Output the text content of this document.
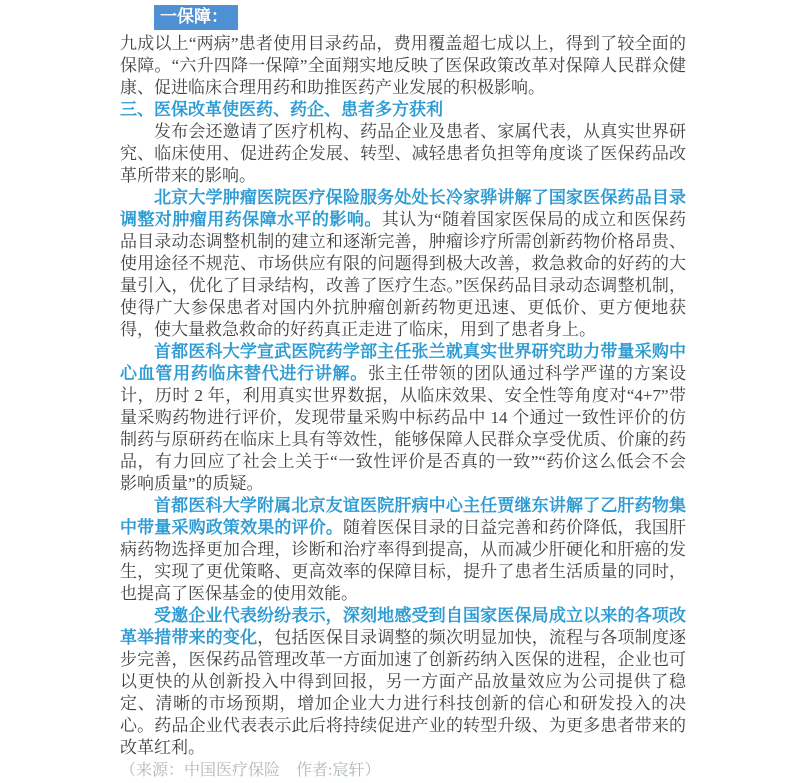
一保障：

九成以上“两病”患者使用目录药品，费用覆盖超七成以上，得到了较全面的保障。“六升四降一保障”全面翔实地反映了医保政策改革对保障人民群众健康、促进临床合理用药和助推医药产业发展的积极影响。

三、医保改革使医药、药企、患者多方获利

发布会还邀请了医疗机构、药品企业及患者、家属代表，从真实世界研究、临床使用、促进药企发展、转型、减轻患者负担等角度谈了医保药品改革所带来的影响。

北京大学肿瘤医院医疗保险服务处处长冷家骅讲解了国家医保药品目录调整对肿瘤用药保障水平的影响。其认为“随着国家医保局的成立和医保药品目录动态调整机制的建立和逐渐完善，肿瘤诊疗所需创新药物价格昂贵、使用途径不规范、市场供应有限的问题得到极大改善，救急救命的好药的大量引入，优化了目录结构，改善了医疗生态。”医保药品目录动态调整机制，使得广大参保患者对国内外抗肿瘤创新药物更迅速、更低价、更方便地获得，使大量救急救命的好药真正走进了临床，用到了患者身上。

首都医科大学宣武医院药学部主任张兰就真实世界研究助力带量采购中心血管用药临床替代进行讲解。张主任带领的团队通过科学严谨的方案设计，历时 2 年，利用真实世界数据，从临床效果、安全性等角度对“4+7”带量采购药物进行评价，发现带量采购中标药品中 14 个通过一致性评价的仿制药与原研药在临床上具有等效性，能够保障人民群众享受优质、价廉的药品，有力回应了社会上关于“一致性评价是否真的一致”“药价这么低会不会影响质量”的质疑。

首都医科大学附属北京友谊医院肝病中心主任贾继东讲解了乙肝药物集中带量采购政策效果的评价。随着医保目录的日益完善和药价降低，我国肝病药物选择更加合理，诊断和治疗率得到提高，从而减少肝硬化和肝癌的发生，实现了更优策略、更高效率的保障目标，提升了患者生活质量的同时，也提高了医保基金的使用效能。

受邀企业代表纷纷表示，深刻地感受到自国家医保局成立以来的各项改革举措带来的变化，包括医保目录调整的频次明显加快，流程与各项制度逐步完善，医保药品管理改革一方面加速了创新药纳入医保的进程，企业也可以更快的从创新投入中得到回报，另一方面产品放量效应为公司提供了稳定、清晰的市场预期，增加企业大力进行科技创新的信心和研发投入的决心。药品企业代表表示此后将持续促进产业的转型升级、为更多患者带来的改革红利。

（来源：中国医疗保险　作者:宸轩）
